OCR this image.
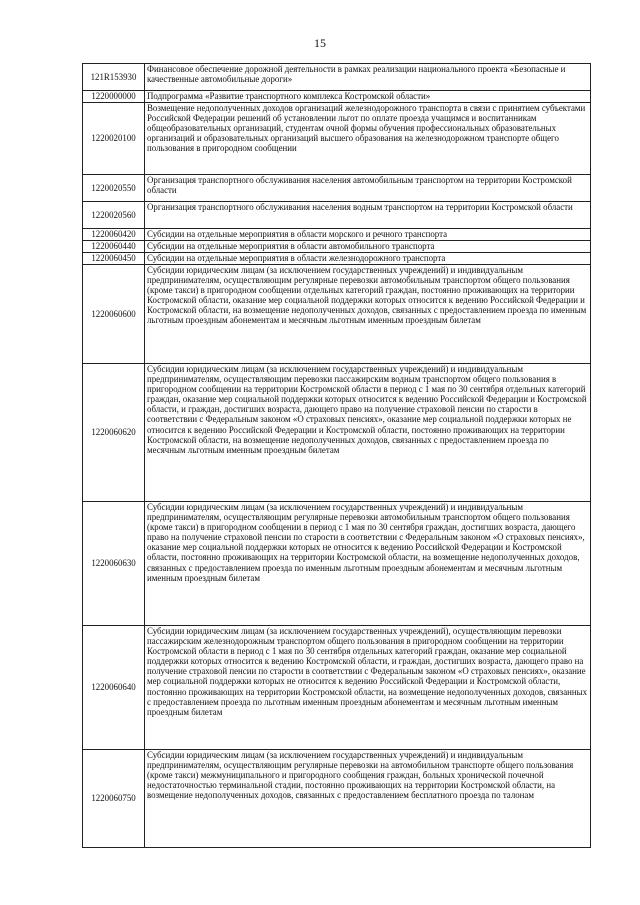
15
121R153930	Финансовое обеспечение дорожной деятельности в рамках реализации национального проекта «Безопасные и качественные автомобильные дороги»
1220000000	Подпрограмма «Развитие транспортного комплекса Костромской области»
1220020100	Возмещение недополученных доходов организаций железнодорожного транспорта в связи с принятием субъектами Российской Федерации решений об установлении льгот по оплате проезда учащимся и воспитанникам общеобразовательных организаций, студентам очной формы обучения профессиональных образовательных организаций и образовательных организаций высшего образования на железнодорожном транспорте общего пользования в пригородном сообщении
1220020550	Организация транспортного обслуживания населения автомобильным транспортом на территории Костромской области
1220020560	Организация транспортного обслуживания населения водным транспортом на территории Костромской области
1220060420	Субсидии на отдельные мероприятия в области морского и речного транспорта
1220060440	Субсидии на отдельные мероприятия в области автомобильного транспорта
1220060450	Субсидии на отдельные мероприятия в области железнодорожного транспорта
1220060600	Субсидии юридическим лицам (за исключением государственных учреждений) и индивидуальным предпринимателям, осуществляющим регулярные перевозки автомобильным транспортом общего пользования (кроме такси) в пригородном сообщении отдельных категорий граждан, постоянно проживающих на территории Костромской области, оказание мер социальной поддержки которых относится к ведению Российской Федерации и Костромской области, на возмещение недополученных доходов, связанных с предоставлением проезда по именным льготным проездным абонементам и месячным льготным именным проездным билетам
1220060620	Субсидии юридическим лицам (за исключением государственных учреждений) и индивидуальным предпринимателям, осуществляющим перевозки пассажирским водным транспортом общего пользования в пригородном сообщении на территории Костромской области в период с 1 мая по 30 сентября отдельных категорий граждан, оказание мер социальной поддержки которых относится к ведению Российской Федерации и Костромской области, и граждан, достигших возраста, дающего право на получение страховой пенсии по старости в соответствии с Федеральным законом «О страховых пенсиях», оказание мер социальной поддержки которых не относится к ведению Российской Федерации и Костромской области, постоянно проживающих на территории Костромской области, на возмещение недополученных доходов, связанных с предоставлением проезда по месячным льготным именным проездным билетам
1220060630	Субсидии юридическим лицам (за исключением государственных учреждений) и индивидуальным предпринимателям, осуществляющим регулярные перевозки автомобильным транспортом общего пользования (кроме такси) в пригородном сообщении в период с 1 мая по 30 сентября граждан, достигших возраста, дающего право на получение страховой пенсии по старости в соответствии с Федеральным законом «О страховых пенсиях», оказание мер социальной поддержки которых не относится к ведению Российской Федерации и Костромской области, постоянно проживающих на территории Костромской области, на возмещение недополученных доходов, связанных с предоставлением проезда по именным льготным проездным абонементам и месячным льготным именным проездным билетам
1220060640	Субсидии юридическим лицам (за исключением государственных учреждений), осуществляющим перевозки пассажирским железнодорожным транспортом общего пользования в пригородном сообщении на территории Костромской области в период с 1 мая по 30 сентября отдельных категорий граждан, оказание мер социальной поддержки которых относится к ведению Костромской области, и граждан, достигших возраста, дающего право на получение страховой пенсии по старости в соответствии с Федеральным законом «О страховых пенсиях», оказание мер социальной поддержки которых не относится к ведению Российской Федерации и Костромской области, постоянно проживающих на территории Костромской области, на возмещение недополученных доходов, связанных с предоставлением проезда по льготным именным проездным абонементам и месячным льготным именным проездным билетам
1220060750	Субсидии юридическим лицам (за исключением государственных учреждений) и индивидуальным предпринимателям, осуществляющим регулярные перевозки на автомобильном транспорте общего пользования (кроме такси) межмуниципального и пригородного сообщения граждан, больных хронической почечной недостаточностью терминальной стадии, постоянно проживающих на территории Костромской области, на возмещение недополученных доходов, связанных с предоставлением бесплатного проезда по талонам
